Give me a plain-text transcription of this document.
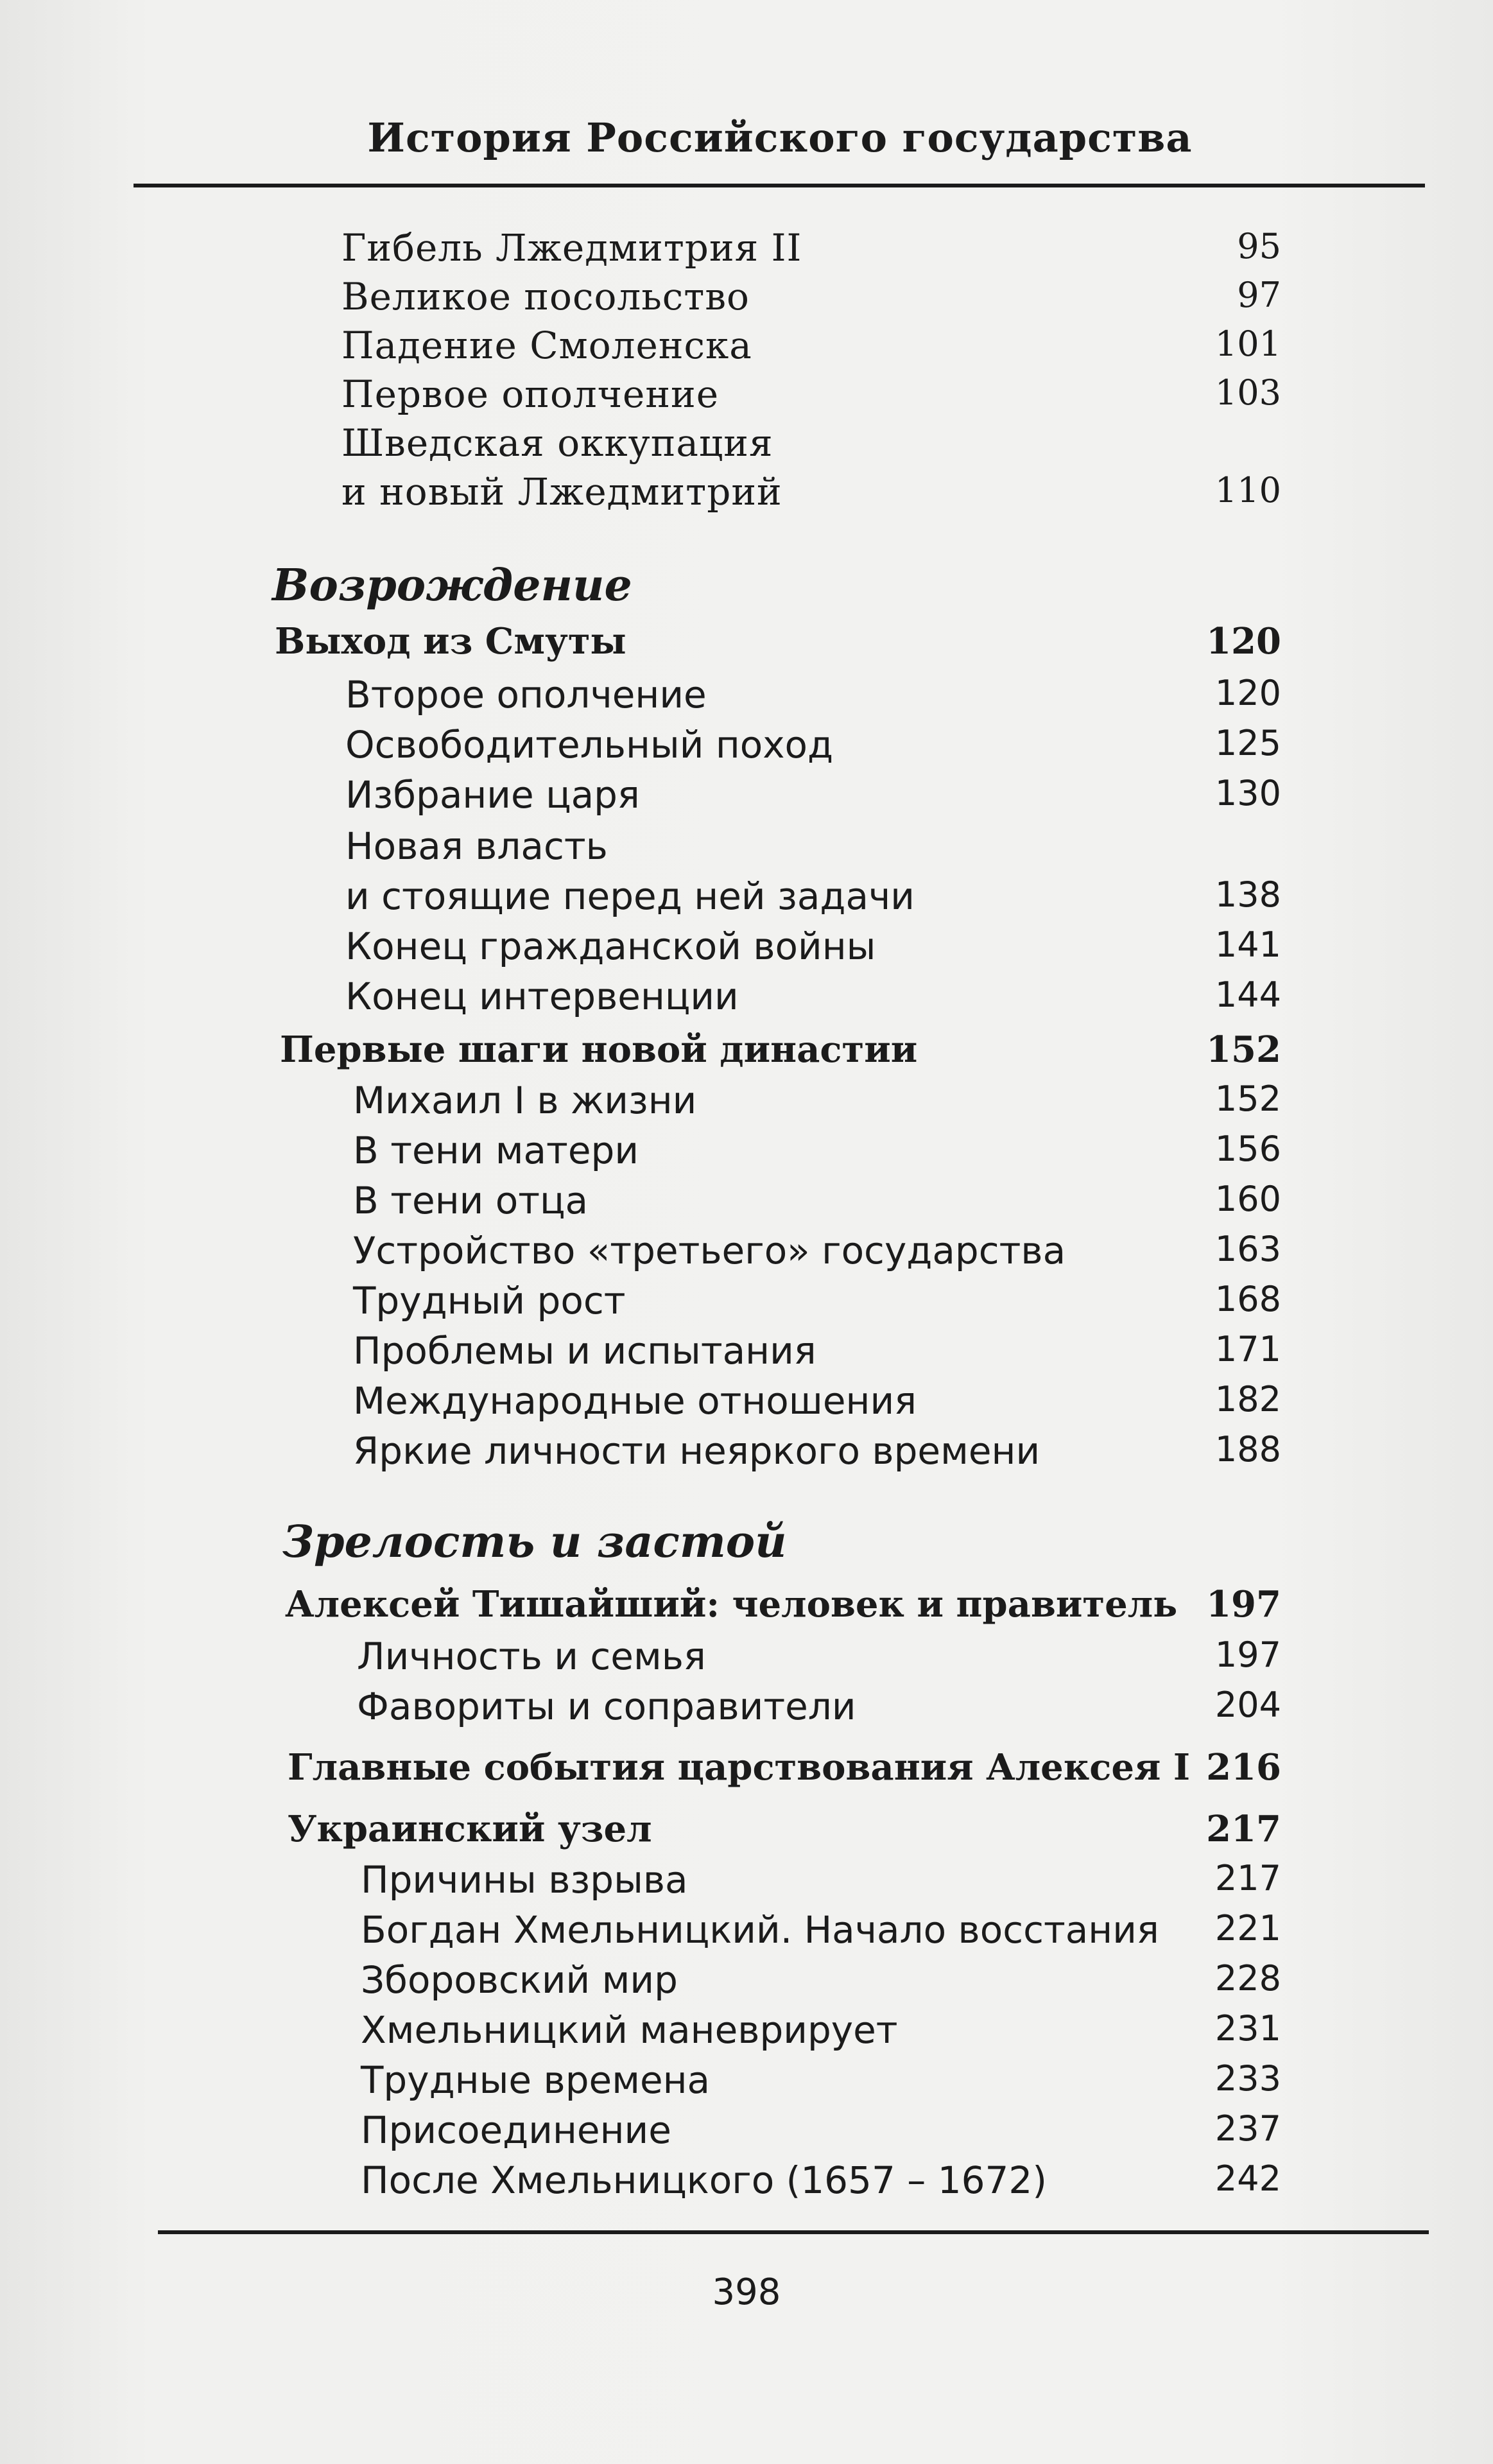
История Российского государства
Гибель Лжедмитрия II	95
Великое посольство	97
Падение Смоленска	101
Первое ополчение	103
Шведская оккупация
и новый Лжедмитрий	110
Возрождение
Выход из Смуты	120
Второе ополчение	120
Освободительный поход	125
Избрание царя	130
Новая власть
и стоящие перед ней задачи	138
Конец гражданской войны	141
Конец интервенции	144
Первые шаги новой династии	152
Михаил I в жизни	152
В тени матери	156
В тени отца	160
Устройство «третьего» государства	163
Трудный рост	168
Проблемы и испытания	171
Международные отношения	182
Яркие личности неяркого времени	188
Зрелость и застой
Алексей Тишайший: человек и правитель 197
Личность и семья	197
Фавориты и соправители	204
Главные события царствования Алексея I 216
Украинский узел	217
Причины взрыва	217
Богдан Хмельницкий. Начало восстания 221
Зборовский мир	228
Хмельницкий маневрирует	231
Трудные времена	233
Присоединение	237
После Хмельницкого (1657 – 1672)	242
398
